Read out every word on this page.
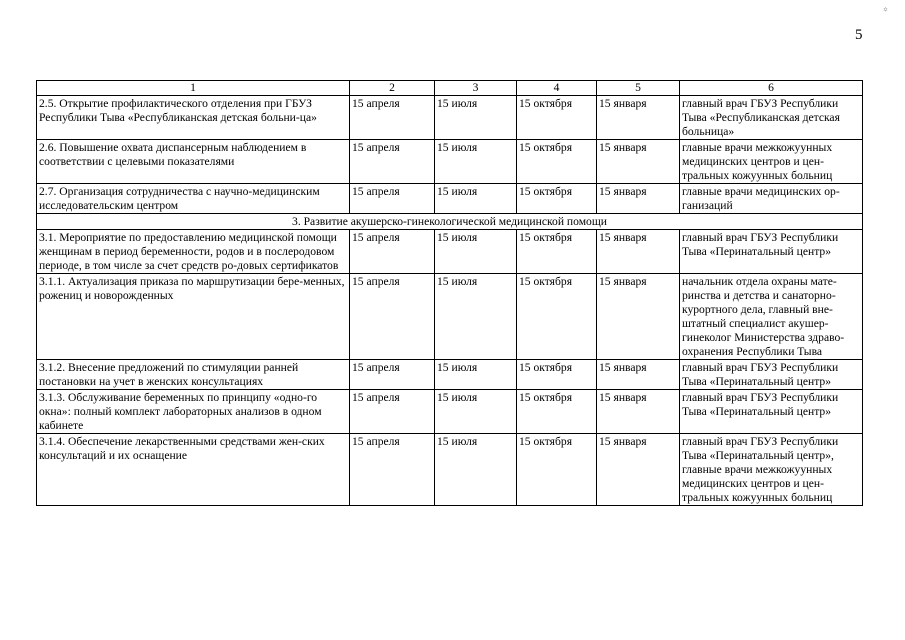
꙳
5
1	2	3	4	5	6
2.5. Открытие профилактического отделения при ГБУЗ Республики Тыва «Республиканская детская больни-ца»	15 апреля	15 июля	15 октября	15 января	главный врач ГБУЗ Республики Тыва «Республиканская детская больница»
2.6. Повышение охвата диспансерным наблюдением в соответствии с целевыми показателями	15 апреля	15 июля	15 октября	15 января	главные врачи межкожуунных медицинских центров и цен-тральных кожуунных больниц
2.7. Организация сотрудничества с научно-медицинским исследовательским центром	15 апреля	15 июля	15 октября	15 января	главные врачи медицинских ор-ганизаций
3. Развитие акушерско-гинекологической медицинской помощи					
3.1. Мероприятие по предоставлению медицинской помощи женщинам в период беременности, родов и в послеродовом периоде, в том числе за счет средств ро-довых сертификатов	15 апреля	15 июля	15 октября	15 января	главный врач ГБУЗ Республики Тыва «Перинатальный центр»
3.1.1. Актуализация приказа по маршрутизации бере-менных, рожениц и новорожденных	15 апреля	15 июля	15 октября	15 января	начальник отдела охраны мате-ринства и детства и санаторно-курортного дела, главный вне-штатный специалист акушер-гинеколог Министерства здраво-охранения Республики Тыва
3.1.2. Внесение предложений по стимуляции ранней постановки на учет в женских консультациях	15 апреля	15 июля	15 октября	15 января	главный врач ГБУЗ Республики Тыва «Перинатальный центр»
3.1.3. Обслуживание беременных по принципу «одно-го окна»: полный комплект лабораторных анализов в одном кабинете	15 апреля	15 июля	15 октября	15 января	главный врач ГБУЗ Республики Тыва «Перинатальный центр»
3.1.4. Обеспечение лекарственными средствами жен-ских консультаций и их оснащение	15 апреля	15 июля	15 октября	15 января	главный врач ГБУЗ Республики Тыва «Перинатальный центр», главные врачи межкожуунных медицинских центров и цен-тральных кожуунных больниц
